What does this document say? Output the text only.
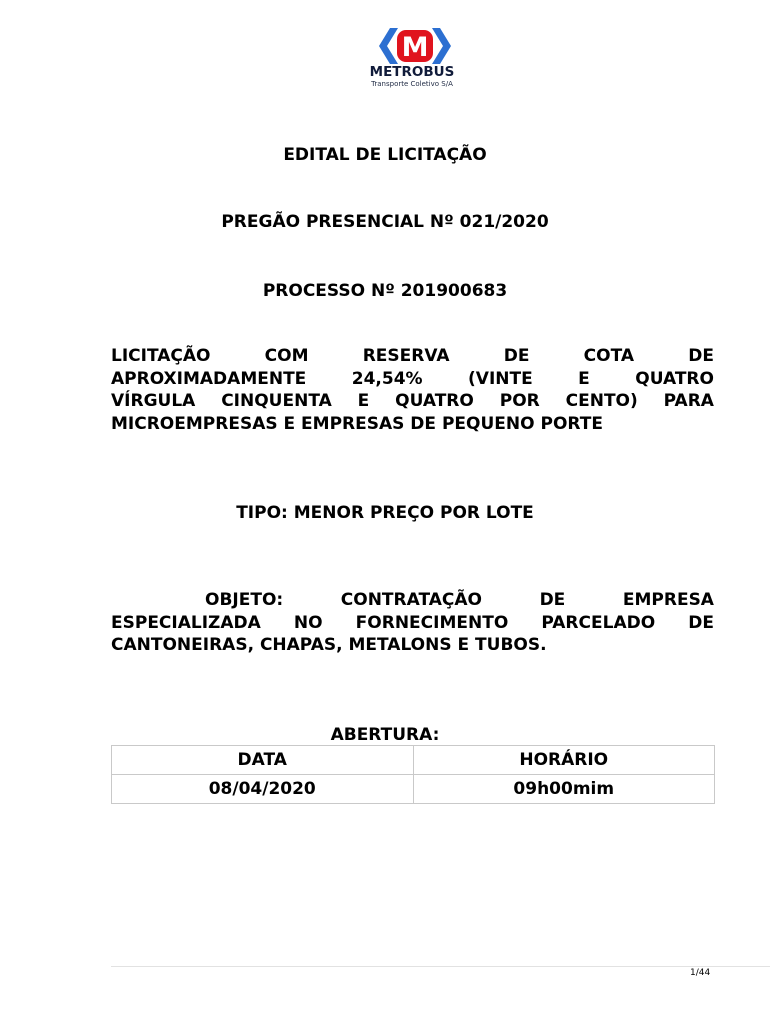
M
METROBUS
Transporte Coletivo S/A
EDITAL DE LICITAÇÃO
PREGÃO PRESENCIAL Nº 021/2020
PROCESSO Nº 201900683
LICITAÇÃO	COM	RESERVA	DE	COTA	DE
APROXIMADAMENTE	24,54%	(VINTE	E	QUATRO
VÍRGULA CINQUENTA E QUATRO POR CENTO) PARA
MICROEMPRESAS E EMPRESAS DE PEQUENO PORTE
TIPO: MENOR PREÇO POR LOTE
OBJETO:	CONTRATAÇÃO	DE	EMPRESA
ESPECIALIZADA NO FORNECIMENTO PARCELADO DE
CANTONEIRAS, CHAPAS, METALONS E TUBOS.
ABERTURA:
DATA	HORÁRIO
08/04/2020	09h00mim
1/44
